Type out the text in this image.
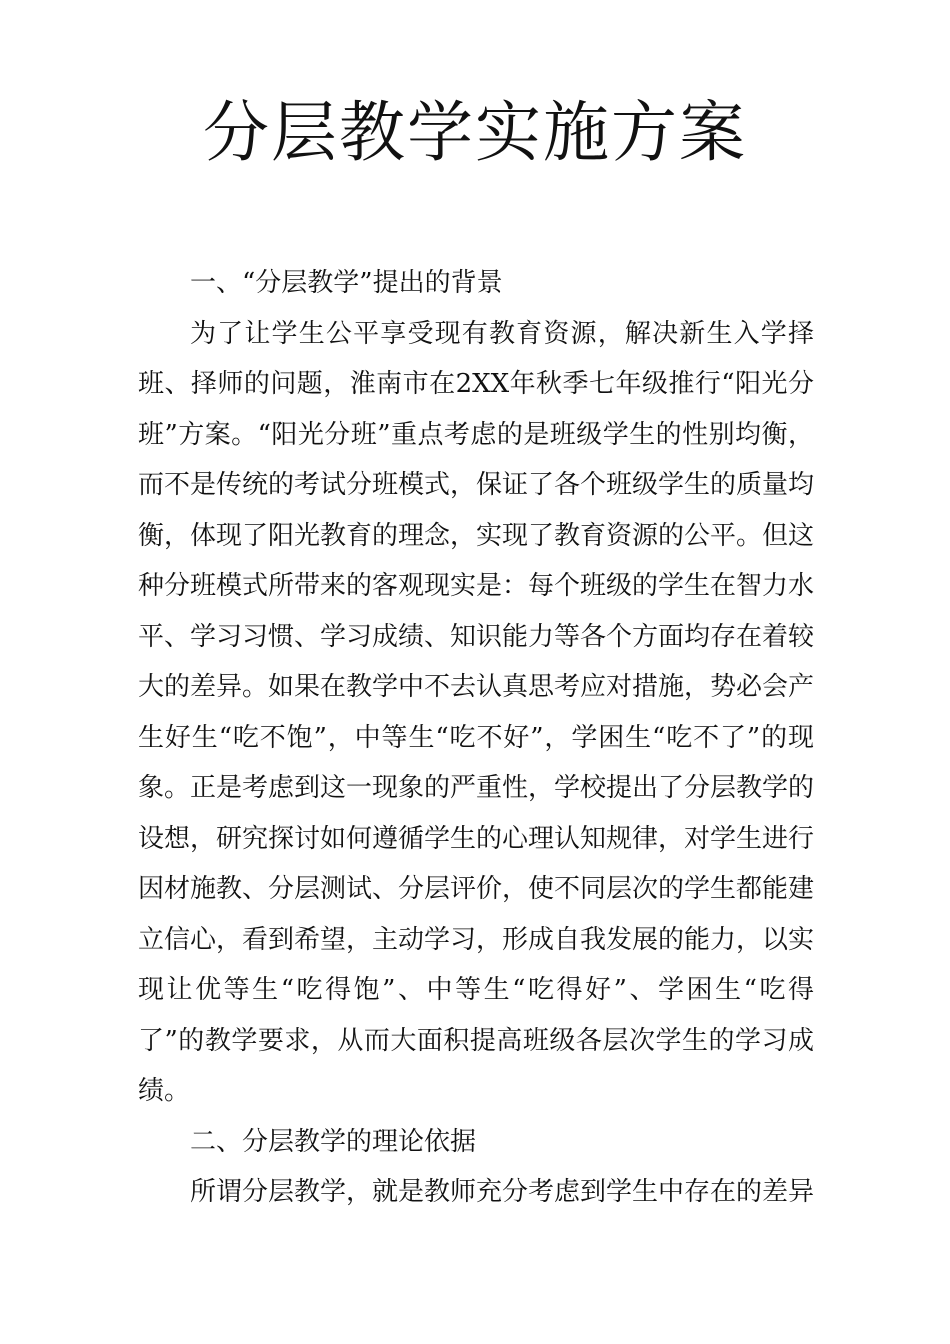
分层教学实施方案

一、“分层教学”提出的背景

为了让学生公平享受现有教育资源，解决新生入学择班、择师的问题，淮南市在2XX年秋季七年级推行“阳光分班”方案。“阳光分班”重点考虑的是班级学生的性别均衡，而不是传统的考试分班模式，保证了各个班级学生的质量均衡，体现了阳光教育的理念，实现了教育资源的公平。但这种分班模式所带来的客观现实是：每个班级的学生在智力水平、学习习惯、学习成绩、知识能力等各个方面均存在着较大的差异。如果在教学中不去认真思考应对措施，势必会产生好生“吃不饱”，中等生“吃不好”，学困生“吃不了”的现象。正是考虑到这一现象的严重性，学校提出了分层教学的设想，研究探讨如何遵循学生的心理认知规律，对学生进行因材施教、分层测试、分层评价，使不同层次的学生都能建立信心，看到希望，主动学习，形成自我发展的能力，以实现让优等生“吃得饱”、中等生“吃得好”、学困生“吃得了”的教学要求，从而大面积提高班级各层次学生的学习成绩。

二、分层教学的理论依据

所谓分层教学，就是教师充分考虑到学生中存在的差异
